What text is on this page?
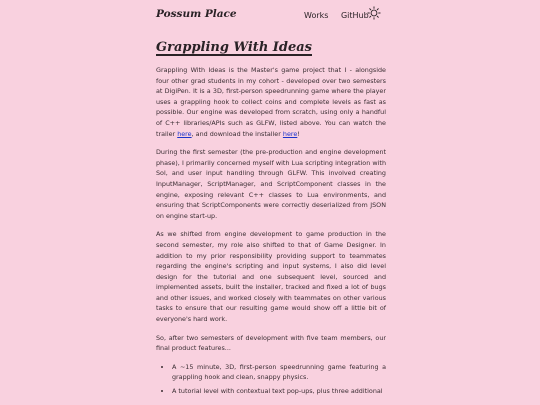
Possum Place	Works GitHub
Grappling With Ideas

Grappling With Ideas is the Master's game project that I - alongside four other grad students in my cohort - developed over two semesters at DigiPen. It is a 3D, first-person speedrunning game where the player uses a grappling hook to collect coins and complete levels as fast as possible. Our engine was developed from scratch, using only a handful of C++ libraries/APIs such as GLFW, listed above. You can watch the trailer here, and download the installer here!

During the first semester (the pre-production and engine development phase), I primarily concerned myself with Lua scripting integration with Sol, and user input handling through GLFW. This involved creating InputManager, ScriptManager, and ScriptComponent classes in the engine, exposing relevant C++ classes to Lua environments, and ensuring that ScriptComponents were correctly deserialized from JSON on engine start-up.

As we shifted from engine development to game production in the second semester, my role also shifted to that of Game Designer. In addition to my prior responsibility providing support to teammates regarding the engine's scripting and input systems, I also did level design for the tutorial and one subsequent level, sourced and implemented assets, built the installer, tracked and fixed a lot of bugs and other issues, and worked closely with teammates on other various tasks to ensure that our resulting game would show off a little bit of everyone's hard work.

So, after two semesters of development with five team members, our final product features...

• A ~15 minute, 3D, first-person speedrunning game featuring a grappling hook and clean, snappy physics.
• A tutorial level with contextual text pop-ups, plus three additional
